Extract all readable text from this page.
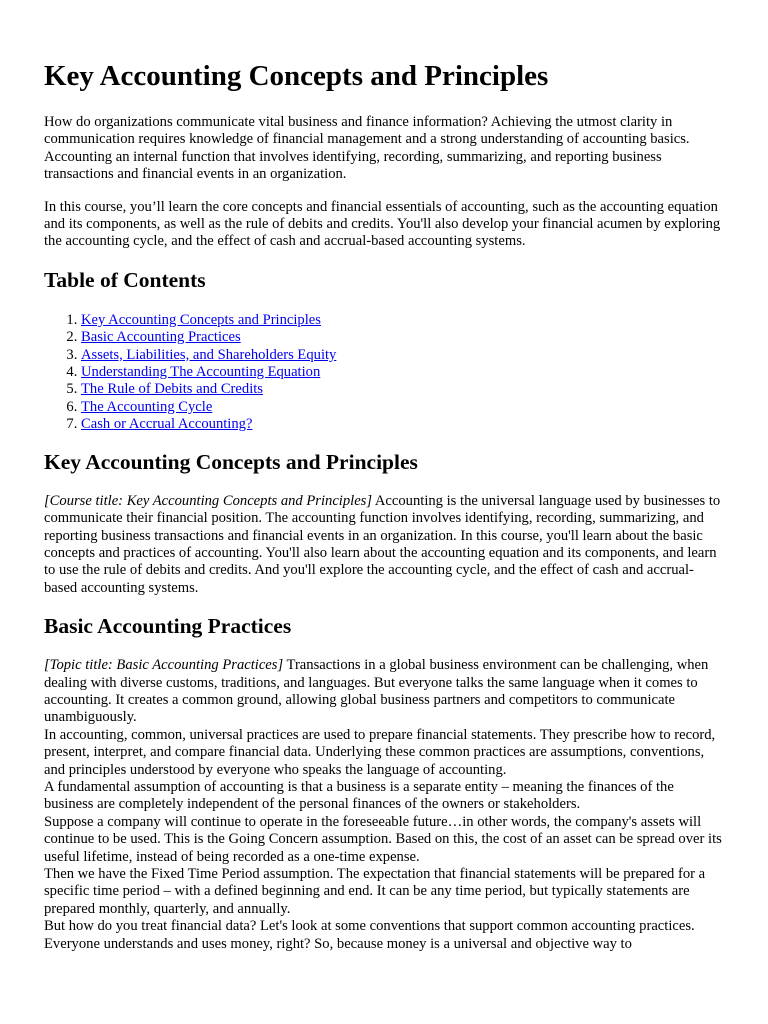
Key Accounting Concepts and Principles

How do organizations communicate vital business and finance information? Achieving the utmost clarity in communication requires knowledge of financial management and a strong understanding of accounting basics. Accounting an internal function that involves identifying, recording, summarizing, and reporting business transactions and financial events in an organization.

In this course, you’ll learn the core concepts and financial essentials of accounting, such as the accounting equation and its components, as well as the rule of debits and credits. You'll also develop your financial acumen by exploring the accounting cycle, and the effect of cash and accrual-based accounting systems.

Table of Contents
1. Key Accounting Concepts and Principles
2. Basic Accounting Practices
3. Assets, Liabilities, and Shareholders Equity
4. Understanding The Accounting Equation
5. The Rule of Debits and Credits
6. The Accounting Cycle
7. Cash or Accrual Accounting?
Key Accounting Concepts and Principles

[Course title: Key Accounting Concepts and Principles] Accounting is the universal language used by businesses to communicate their financial position. The accounting function involves identifying, recording, summarizing, and reporting business transactions and financial events in an organization. In this course, you'll learn about the basic concepts and practices of accounting. You'll also learn about the accounting equation and its components, and learn to use the rule of debits and credits. And you'll explore the accounting cycle, and the effect of cash and accrual-based accounting systems.

Basic Accounting Practices

[Topic title: Basic Accounting Practices] Transactions in a global business environment can be challenging, when dealing with diverse customs, traditions, and languages. But everyone talks the same language when it comes to accounting. It creates a common ground, allowing global business partners and competitors to communicate unambiguously.

In accounting, common, universal practices are used to prepare financial statements. They prescribe how to record, present, interpret, and compare financial data. Underlying these common practices are assumptions, conventions, and principles understood by everyone who speaks the language of accounting.

A fundamental assumption of accounting is that a business is a separate entity – meaning the finances of the business are completely independent of the personal finances of the owners or stakeholders.

Suppose a company will continue to operate in the foreseeable future…in other words, the company's assets will continue to be used. This is the Going Concern assumption. Based on this, the cost of an asset can be spread over its useful lifetime, instead of being recorded as a one-time expense.

Then we have the Fixed Time Period assumption. The expectation that financial statements will be prepared for a specific time period – with a defined beginning and end. It can be any time period, but typically statements are prepared monthly, quarterly, and annually.

But how do you treat financial data? Let's look at some conventions that support common accounting practices. Everyone understands and uses money, right? So, because money is a universal and objective way to
